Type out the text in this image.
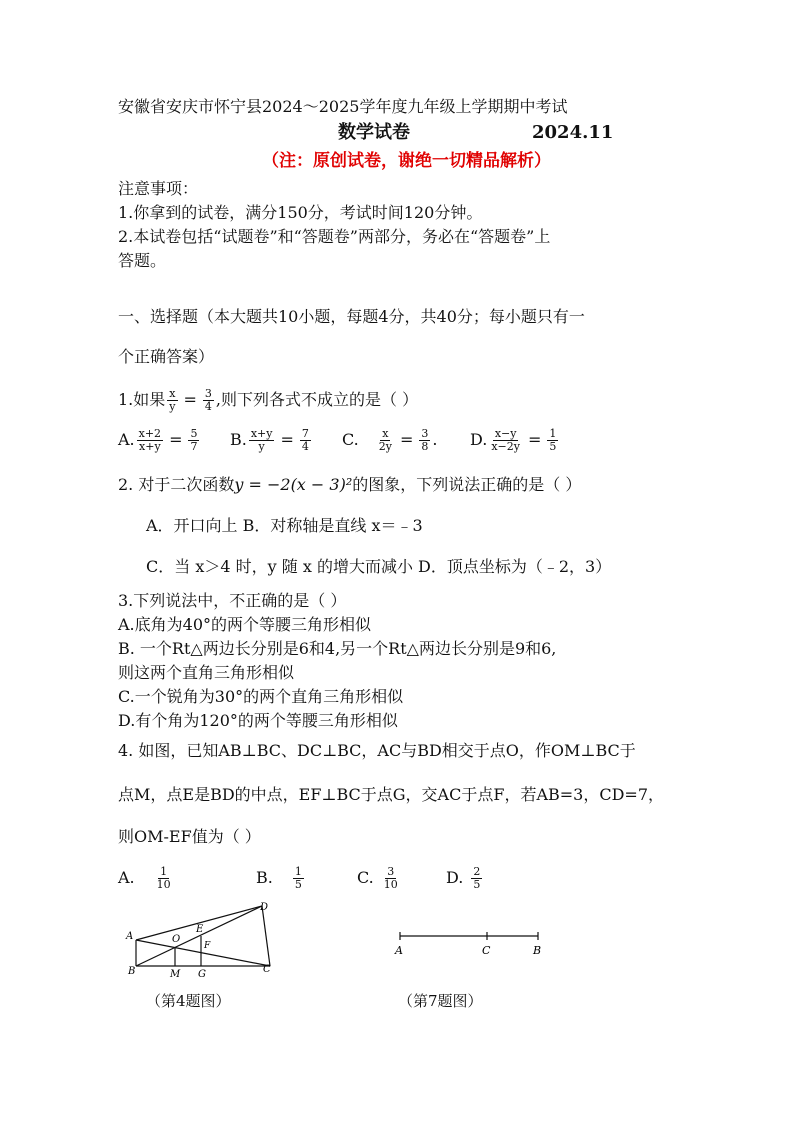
安徽省安庆市怀宁县2024～2025学年度九年级上学期期中考试
数学试卷	2024.11
（注：原创试卷，谢绝一切精品解析）
注意事项：
1.你拿到的试卷，满分150分，考试时间120分钟。
2.本试卷包括“试题卷”和“答题卷”两部分，务必在“答题卷”上
答题。
一、选择题（本大题共10小题，每题4分，共40分；每小题只有一
个正确答案）
1.如果 $\frac{x}{y} = \frac{3}{4}$ ,则下列各式不成立的是（ ）
A. $\frac{x+2}{x+y} = \frac{5}{7} B$. $\frac{x+y}{y} = \frac{7}{4} C$. $\frac{x}{2y} = \frac{3}{8}$ . D. $\frac{x-y}{x-2y} = \frac{1}{5}$
2. 对于二次函数y = −2(x − 3)²的图象，下列说法正确的是（ ）
A．开口向上 B．对称轴是直线 x＝﹣3
C．当 x＞4 时，y 随 x 的增大而减小 D．顶点坐标为（﹣2，3）
3.下列说法中，不正确的是（ ）
A.底角为40°的两个等腰三角形相似
B. 一个Rt△两边长分别是6和4,另一个Rt△两边长分别是9和6,
则这两个直角三角形相似
C.一个锐角为30°的两个直角三角形相似
D.有个角为120°的两个等腰三角形相似
4. 如图，已知AB⊥BC、DC⊥BC，AC与BD相交于点O，作OM⊥BC于
点M，点E是BD的中点，EF⊥BC于点G，交AC于点F，若AB=3，CD=7，
则OM-EF值为（ ）
A. $\frac{1}{10}$	B. $\frac{1}{5}$	C. $\frac{3}{10}$	D. $\frac{2}{5}$
A
B
O
M
E
F
G
D
C
A	C	B
（第4题图）	（第7题图）
